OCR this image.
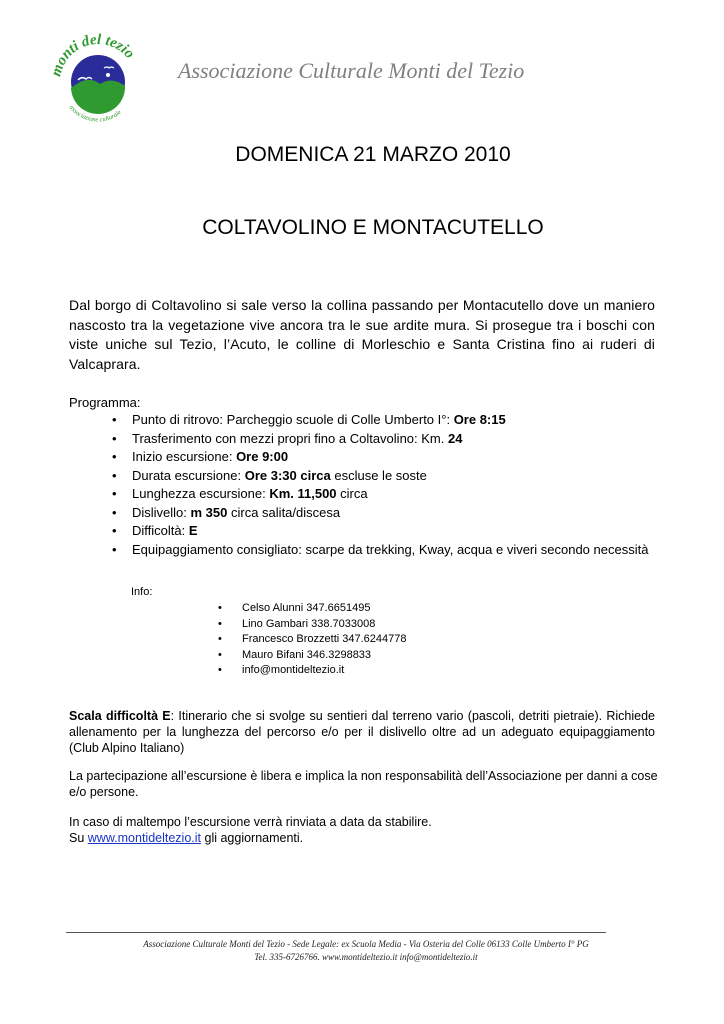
monti del tezio
associazione culturale
Associazione Culturale Monti del Tezio
DOMENICA 21 MARZO 2010
COLTAVOLINO E MONTACUTELLO
Dal borgo di Coltavolino si sale verso la collina passando per Montacutello dove un maniero nascosto tra la vegetazione vive ancora tra le sue ardite mura. Si prosegue tra i boschi con viste uniche sul Tezio, l’Acuto, le colline di Morleschio e Santa Cristina fino ai ruderi di Valcaprara.
Programma:
• Punto di ritrovo: Parcheggio scuole di Colle Umberto I°: Ore 8:15
• Trasferimento con mezzi propri fino a Coltavolino: Km. 24
• Inizio escursione: Ore 9:00
• Durata escursione: Ore 3:30 circa escluse le soste
• Lunghezza escursione: Km. 11,500 circa
• Dislivello: m 350 circa salita/discesa
• Difficoltà: E
• Equipaggiamento consigliato: scarpe da trekking, Kway, acqua e viveri secondo necessità
Info:
• Celso Alunni 347.6651495
• Lino Gambari 338.7033008
• Francesco Brozzetti 347.6244778
• Mauro Bifani 346.3298833
• info@montideltezio.it
Scala difficoltà E: Itinerario che si svolge su sentieri dal terreno vario (pascoli, detriti pietraie). Richiede allenamento per la lunghezza del percorso e/o per il dislivello oltre ad un adeguato equipaggiamento (Club Alpino Italiano)
La partecipazione all’escursione è libera e implica la non responsabilità dell’Associazione per danni a cose e/o persone.
In caso di maltempo l’escursione verrà rinviata a data da stabilire.
Su www.montideltezio.it gli aggiornamenti.
Associazione Culturale Monti del Tezio - Sede Legale: ex Scuola Media - Via Osteria del Colle 06133 Colle Umberto I° PG
Tel. 335-6726766. www.montideltezio.it info@montideltezio.it
